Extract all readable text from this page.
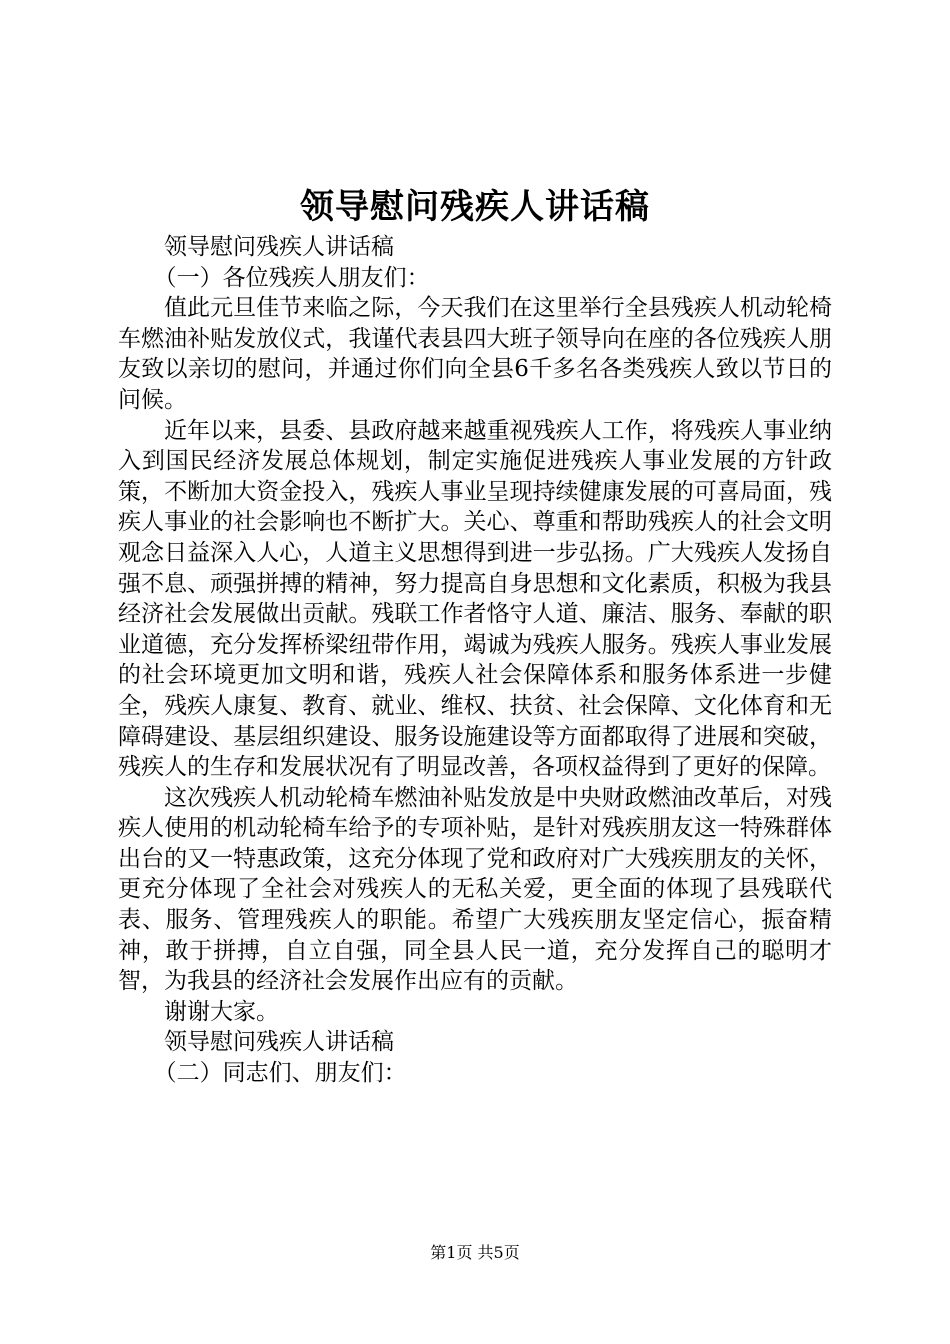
领导慰问残疾人讲话稿

领导慰问残疾人讲话稿

（一）各位残疾人朋友们：

值此元旦佳节来临之际，今天我们在这里举行全县残疾人机动轮椅车燃油补贴发放仪式，我谨代表县四大班子领导向在座的各位残疾人朋友致以亲切的慰问，并通过你们向全县6千多名各类残疾人致以节日的问候。

近年以来，县委、县政府越来越重视残疾人工作，将残疾人事业纳入到国民经济发展总体规划，制定实施促进残疾人事业发展的方针政策，不断加大资金投入，残疾人事业呈现持续健康发展的可喜局面，残疾人事业的社会影响也不断扩大。关心、尊重和帮助残疾人的社会文明观念日益深入人心，人道主义思想得到进一步弘扬。广大残疾人发扬自强不息、顽强拼搏的精神，努力提高自身思想和文化素质，积极为我县经济社会发展做出贡献。残联工作者恪守人道、廉洁、服务、奉献的职业道德，充分发挥桥梁纽带作用，竭诚为残疾人服务。残疾人事业发展的社会环境更加文明和谐，残疾人社会保障体系和服务体系进一步健全，残疾人康复、教育、就业、维权、扶贫、社会保障、文化体育和无障碍建设、基层组织建设、服务设施建设等方面都取得了进展和突破，残疾人的生存和发展状况有了明显改善，各项权益得到了更好的保障。

这次残疾人机动轮椅车燃油补贴发放是中央财政燃油改革后，对残疾人使用的机动轮椅车给予的专项补贴，是针对残疾朋友这一特殊群体出台的又一特惠政策，这充分体现了党和政府对广大残疾朋友的关怀，更充分体现了全社会对残疾人的无私关爱，更全面的体现了县残联代表、服务、管理残疾人的职能。希望广大残疾朋友坚定信心，振奋精神，敢于拼搏，自立自强，同全县人民一道，充分发挥自己的聪明才智，为我县的经济社会发展作出应有的贡献。

谢谢大家。

领导慰问残疾人讲话稿

（二）同志们、朋友们：

第1页 共5页
